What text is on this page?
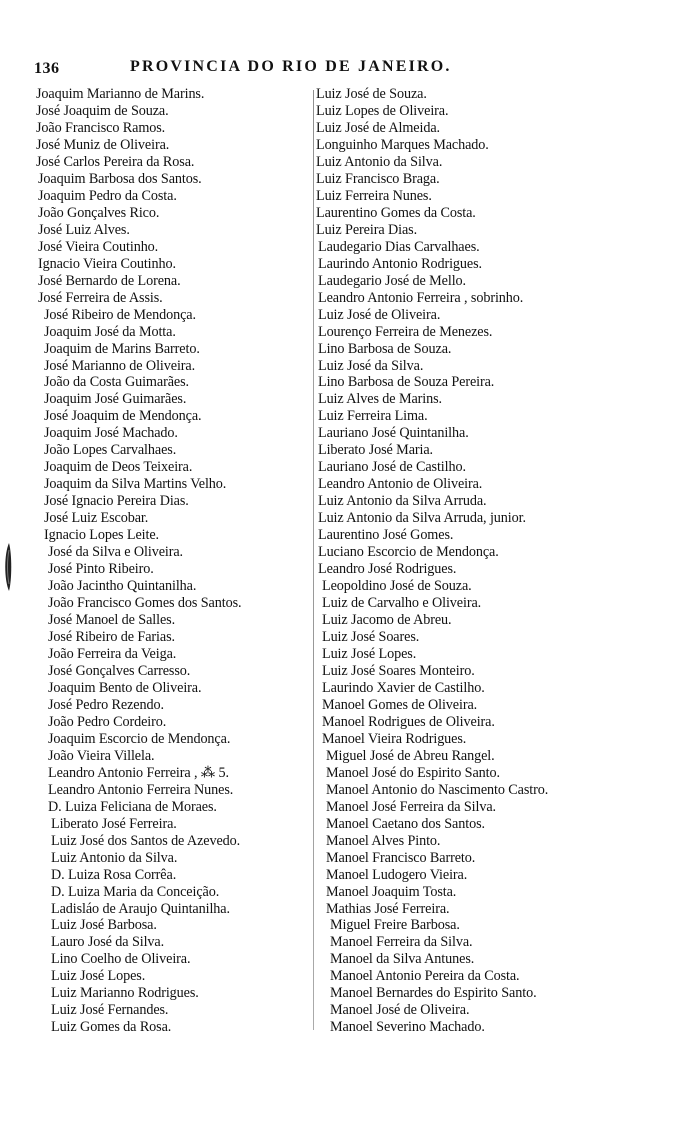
136	PROVINCIA DO RIO DE JANEIRO.
Joaquim Marianno de Marins.
José Joaquim de Souza.
João Francisco Ramos.
José Muniz de Oliveira.
José Carlos Pereira da Rosa.
Joaquim Barbosa dos Santos.
Joaquim Pedro da Costa.
João Gonçalves Rico.
José Luiz Alves.
José Vieira Coutinho.
Ignacio Vieira Coutinho.
José Bernardo de Lorena.
José Ferreira de Assis.
José Ribeiro de Mendonça.
Joaquim José da Motta.
Joaquim de Marins Barreto.
José Marianno de Oliveira.
João da Costa Guimarães.
Joaquim José Guimarães.
José Joaquim de Mendonça.
Joaquim José Machado.
João Lopes Carvalhaes.
Joaquim de Deos Teixeira.
Joaquim da Silva Martins Velho.
José Ignacio Pereira Dias.
José Luiz Escobar.
Ignacio Lopes Leite.
José da Silva e Oliveira.
José Pinto Ribeiro.
João Jacintho Quintanilha.
João Francisco Gomes dos Santos.
José Manoel de Salles.
José Ribeiro de Farias.
João Ferreira da Veiga.
José Gonçalves Carresso.
Joaquim Bento de Oliveira.
José Pedro Rezendo.
João Pedro Cordeiro.
Joaquim Escorcio de Mendonça.
João Vieira Villela.
Leandro Antonio Ferreira , ⁂ 5.
Leandro Antonio Ferreira Nunes.
D. Luiza Feliciana de Moraes.
Liberato José Ferreira.
Luiz José dos Santos de Azevedo.
Luiz Antonio da Silva.
D. Luiza Rosa Corrêa.
D. Luiza Maria da Conceição.
Ladisláo de Araujo Quintanilha.
Luiz José Barbosa.
Lauro José da Silva.
Lino Coelho de Oliveira.
Luiz José Lopes.
Luiz Marianno Rodrigues.
Luiz José Fernandes.
Luiz Gomes da Rosa.
Luiz José de Souza.
Luiz Lopes de Oliveira.
Luiz José de Almeida.
Longuinho Marques Machado.
Luiz Antonio da Silva.
Luiz Francisco Braga.
Luiz Ferreira Nunes.
Laurentino Gomes da Costa.
Luiz Pereira Dias.
Laudegario Dias Carvalhaes.
Laurindo Antonio Rodrigues.
Laudegario José de Mello.
Leandro Antonio Ferreira , sobrinho.
Luiz José de Oliveira.
Lourenço Ferreira de Menezes.
Lino Barbosa de Souza.
Luiz José da Silva.
Lino Barbosa de Souza Pereira.
Luiz Alves de Marins.
Luiz Ferreira Lima.
Lauriano José Quintanilha.
Liberato José Maria.
Lauriano José de Castilho.
Leandro Antonio de Oliveira.
Luiz Antonio da Silva Arruda.
Luiz Antonio da Silva Arruda, junior.
Laurentino José Gomes.
Luciano Escorcio de Mendonça.
Leandro José Rodrigues.
Leopoldino José de Souza.
Luiz de Carvalho e Oliveira.
Luiz Jacomo de Abreu.
Luiz José Soares.
Luiz José Lopes.
Luiz José Soares Monteiro.
Laurindo Xavier de Castilho.
Manoel Gomes de Oliveira.
Manoel Rodrigues de Oliveira.
Manoel Vieira Rodrigues.
Miguel José de Abreu Rangel.
Manoel José do Espirito Santo.
Manoel Antonio do Nascimento Castro.
Manoel José Ferreira da Silva.
Manoel Caetano dos Santos.
Manoel Alves Pinto.
Manoel Francisco Barreto.
Manoel Ludogero Vieira.
Manoel Joaquim Tosta.
Mathias José Ferreira.
Miguel Freire Barbosa.
Manoel Ferreira da Silva.
Manoel da Silva Antunes.
Manoel Antonio Pereira da Costa.
Manoel Bernardes do Espirito Santo.
Manoel José de Oliveira.
Manoel Severino Machado.
